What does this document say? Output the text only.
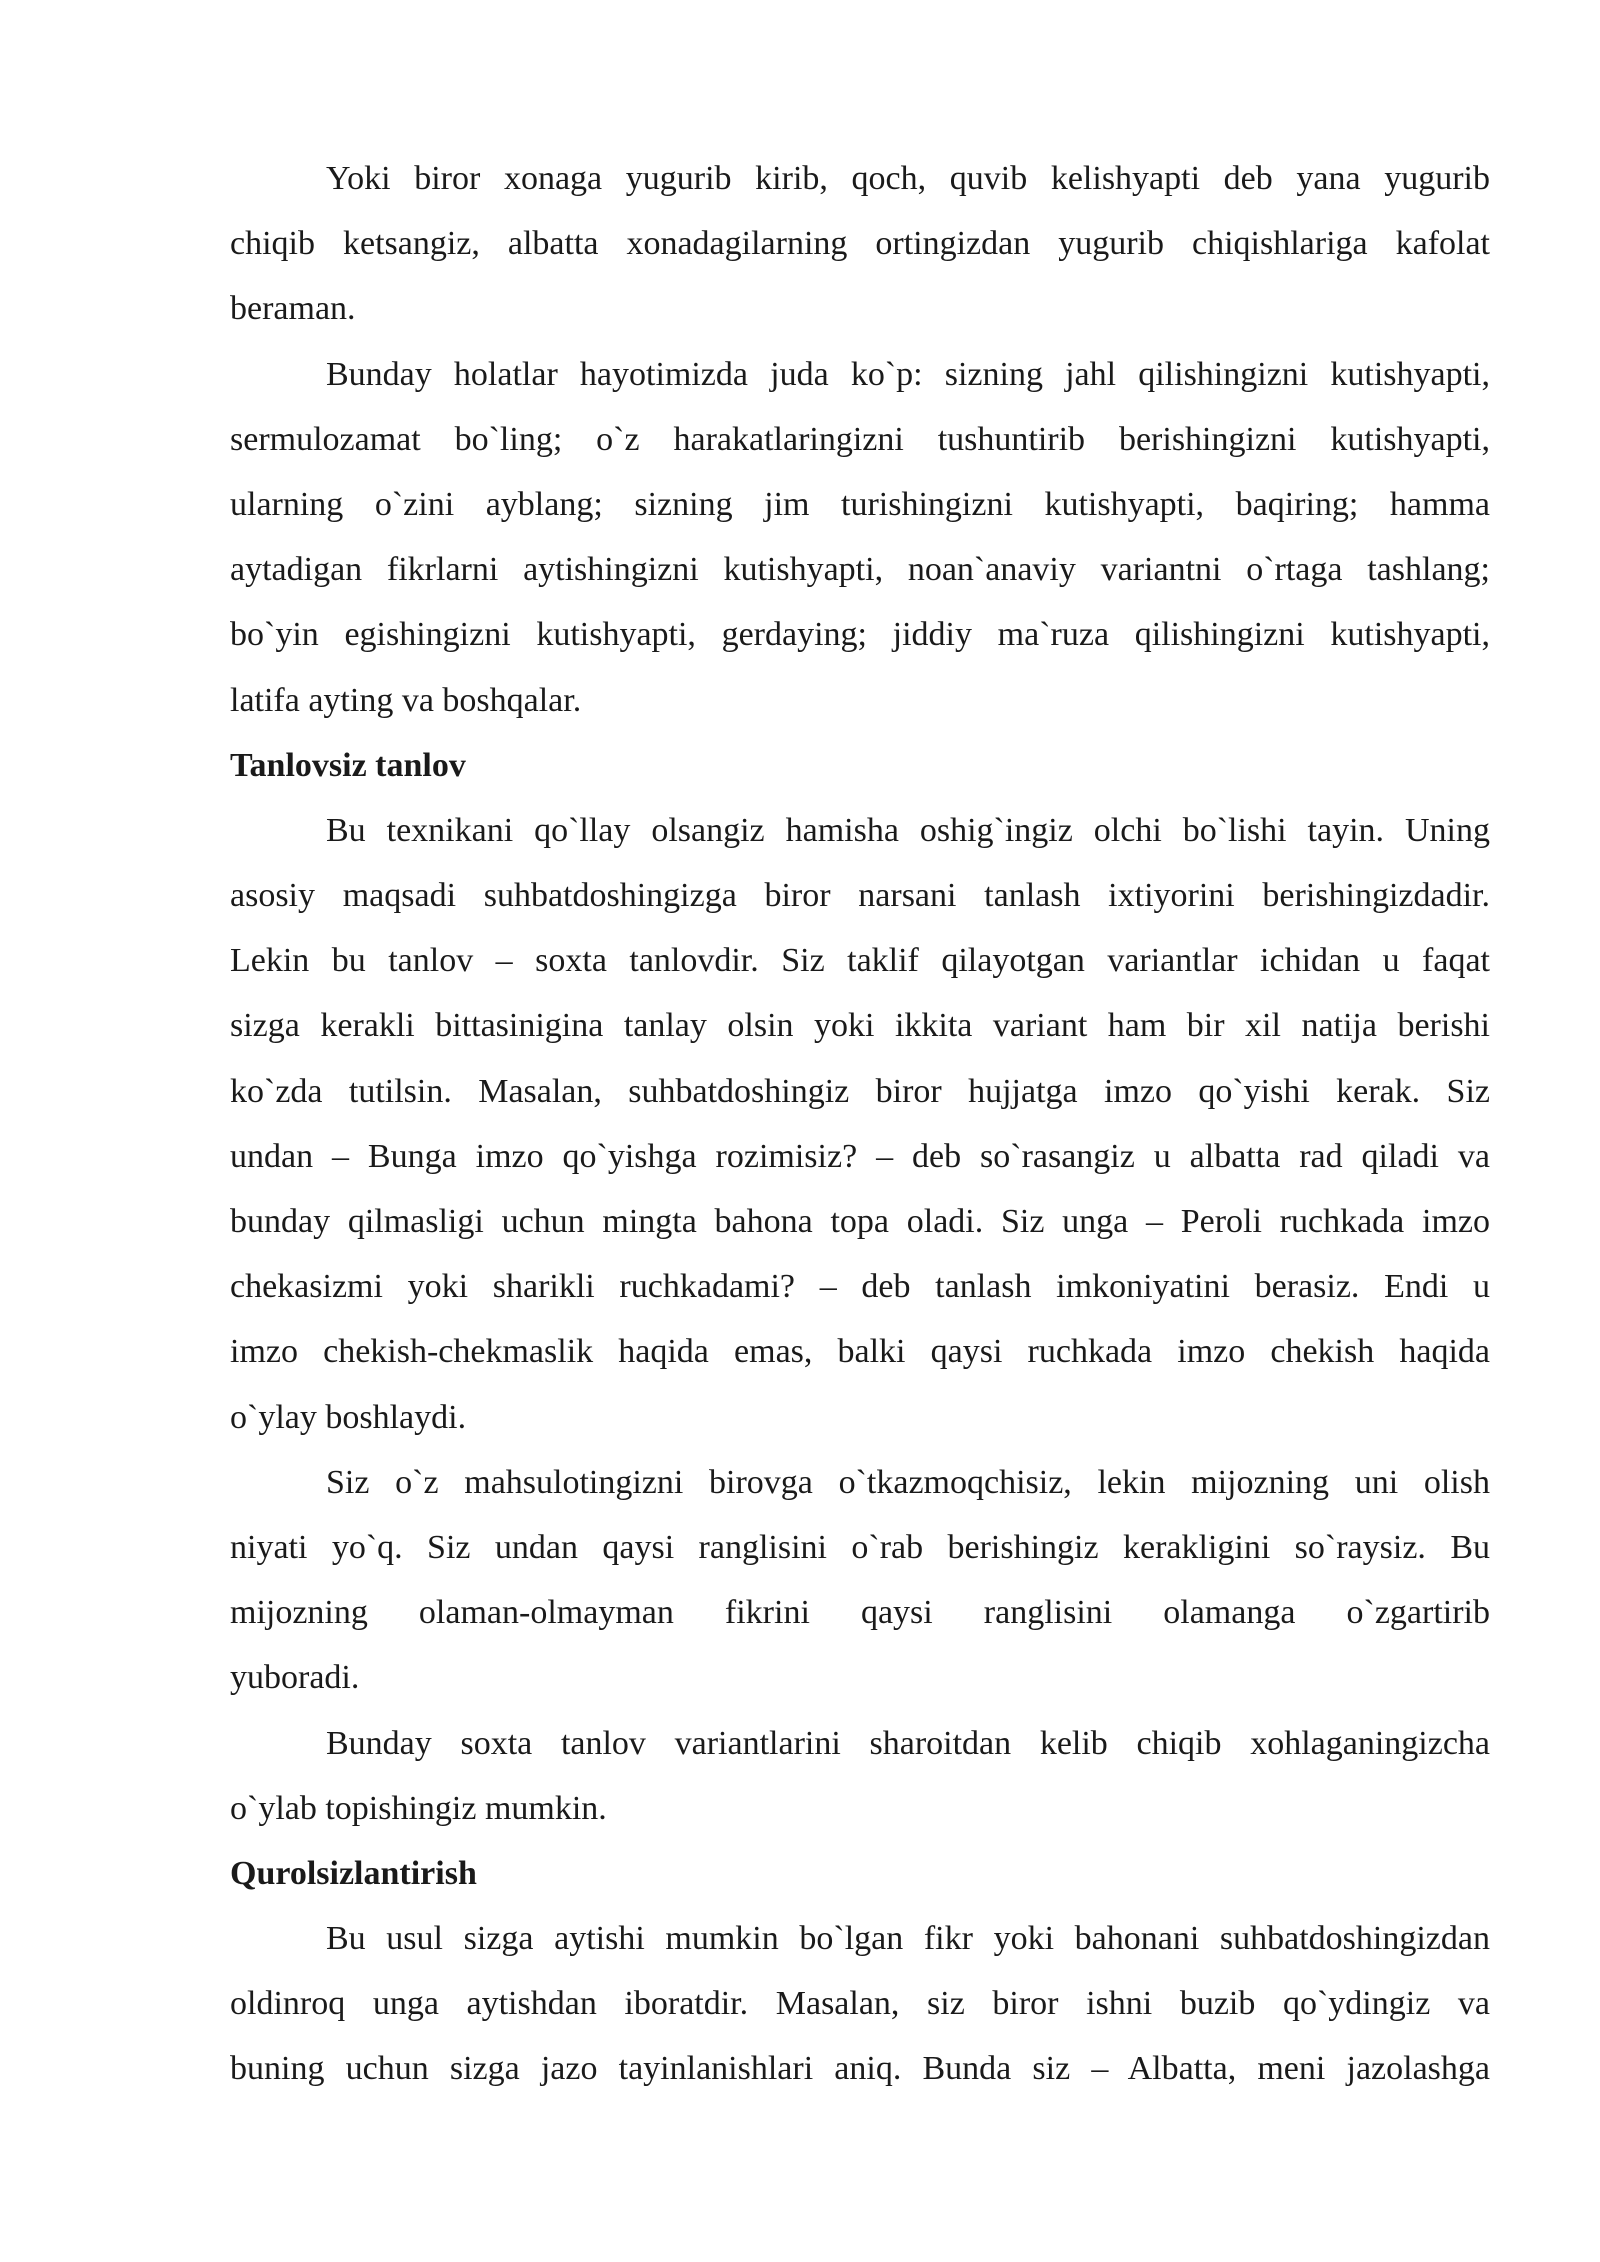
Yoki biror xonaga yugurib kirib, qoch, quvib kelishyapti deb yana yugurib
chiqib ketsangiz, albatta xonadagilarning ortingizdan yugurib chiqishlariga kafolat
beraman.
Bunday holatlar hayotimizda juda ko`p: sizning jahl qilishingizni kutishyapti,
sermulozamat bo`ling; o`z harakatlaringizni tushuntirib berishingizni kutishyapti,
ularning o`zini ayblang; sizning jim turishingizni kutishyapti, baqiring; hamma
aytadigan fikrlarni aytishingizni kutishyapti, noan`anaviy variantni o`rtaga tashlang;
bo`yin egishingizni kutishyapti, gerdaying; jiddiy ma`ruza qilishingizni kutishyapti,
latifa ayting va boshqalar.
Tanlovsiz tanlov
Bu texnikani qo`llay olsangiz hamisha oshig`ingiz olchi bo`lishi tayin. Uning
asosiy maqsadi suhbatdoshingizga biror narsani tanlash ixtiyorini berishingizdadir.
Lekin bu tanlov – soxta tanlovdir. Siz taklif qilayotgan variantlar ichidan u faqat
sizga kerakli bittasinigina tanlay olsin yoki ikkita variant ham bir xil natija berishi
ko`zda tutilsin. Masalan, suhbatdoshingiz biror hujjatga imzo qo`yishi kerak. Siz
undan – Bunga imzo qo`yishga rozimisiz? – deb so`rasangiz u albatta rad qiladi va
bunday qilmasligi uchun mingta bahona topa oladi. Siz unga – Peroli ruchkada imzo
chekasizmi yoki sharikli ruchkadami? – deb tanlash imkoniyatini berasiz. Endi u
imzo chekish-chekmaslik haqida emas, balki qaysi ruchkada imzo chekish haqida
o`ylay boshlaydi.
Siz o`z mahsulotingizni birovga o`tkazmoqchisiz, lekin mijozning uni olish
niyati yo`q. Siz undan qaysi ranglisini o`rab berishingiz kerakligini so`raysiz. Bu
mijozning olaman-olmayman fikrini qaysi ranglisini olamanga o`zgartirib
yuboradi.
Bunday soxta tanlov variantlarini sharoitdan kelib chiqib xohlaganingizcha
o`ylab topishingiz mumkin.
Qurolsizlantirish
Bu usul sizga aytishi mumkin bo`lgan fikr yoki bahonani suhbatdoshingizdan
oldinroq unga aytishdan iboratdir. Masalan, siz biror ishni buzib qo`ydingiz va
buning uchun sizga jazo tayinlanishlari aniq. Bunda siz – Albatta, meni jazolashga
